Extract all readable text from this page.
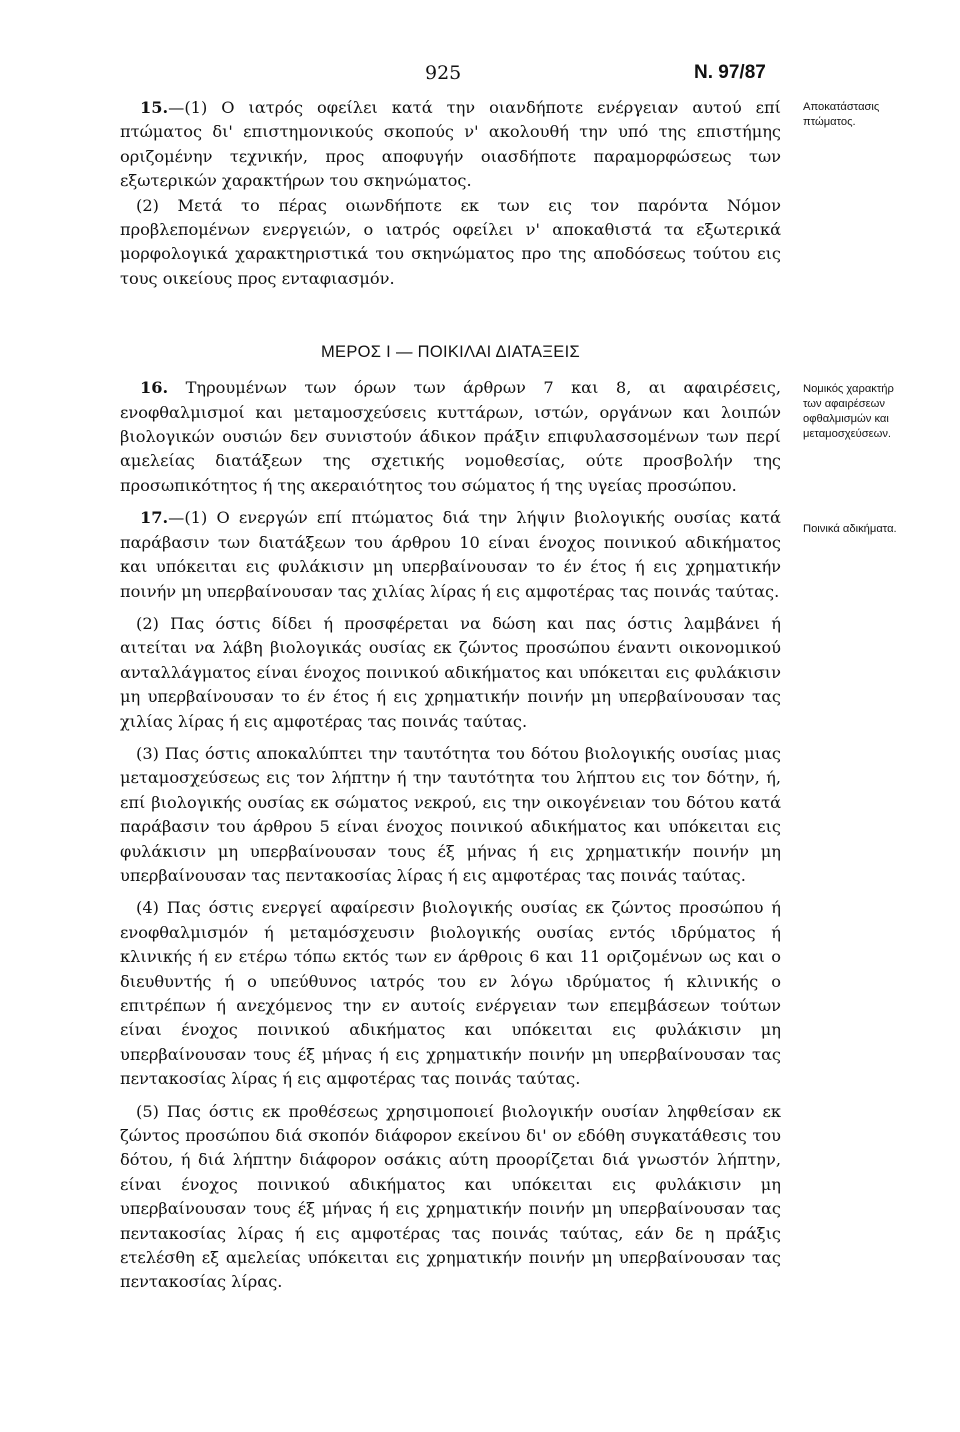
925	Ν. 97/87
Αποκατάστασις πτώματος.
Νομικός χαρακτήρ των αφαιρέσεων οφθαλμισμών και μεταμοσχεύσεων.
Ποινικά αδικήματα.

15.—(1) Ο ιατρός οφείλει κατά την οιανδήποτε ενέργειαν αυτού επί πτώματος δι' επιστημονικούς σκοπούς ν' ακολουθή την υπό της επιστήμης οριζομένην τεχνικήν, προς αποφυγήν οιασδήποτε παραμορφώσεως των εξωτερικών χαρακτήρων του σκηνώματος.

(2) Μετά το πέρας οιωνδήποτε εκ των εις τον παρόντα Νόμον προβλεπομένων ενεργειών, ο ιατρός οφείλει ν' αποκαθιστά τα εξωτερικά μορφολογικά χαρακτηριστικά του σκηνώματος προ της αποδόσεως τούτου εις τους οικείους προς ενταφιασμόν.

ΜΕΡΟΣ Ι — ΠΟΙΚΙΛΑΙ ΔΙΑΤΑΞΕΙΣ

16. Τηρουμένων των όρων των άρθρων 7 και 8, αι αφαιρέσεις, ενοφθαλμισμοί και μεταμοσχεύσεις κυττάρων, ιστών, οργάνων και λοιπών βιολογικών ουσιών δεν συνιστούν άδικον πράξιν επιφυλασσομένων των περί αμελείας διατάξεων της σχετικής νομοθεσίας, ούτε προσβολήν της προσωπικότητος ή της ακεραιότητος του σώματος ή της υγείας προσώπου.

17.—(1) Ο ενεργών επί πτώματος διά την λήψιν βιολογικής ουσίας κατά παράβασιν των διατάξεων του άρθρου 10 είναι ένοχος ποινικού αδικήματος και υπόκειται εις φυλάκισιν μη υπερβαίνουσαν το έν έτος ή εις χρηματικήν ποινήν μη υπερβαίνουσαν τας χιλίας λίρας ή εις αμφοτέρας τας ποινάς ταύτας.

(2) Πας όστις δίδει ή προσφέρεται να δώση και πας όστις λαμβάνει ή αιτείται να λάβη βιολογικάς ουσίας εκ ζώντος προσώπου έναντι οικονομικού ανταλλάγματος είναι ένοχος ποινικού αδικήματος και υπόκειται εις φυλάκισιν μη υπερβαίνουσαν το έν έτος ή εις χρηματικήν ποινήν μη υπερβαίνουσαν τας χιλίας λίρας ή εις αμφοτέρας τας ποινάς ταύτας.

(3) Πας όστις αποκαλύπτει την ταυτότητα του δότου βιολογικής ουσίας μιας μεταμοσχεύσεως εις τον λήπτην ή την ταυτότητα του λήπτου εις τον δότην, ή, επί βιολογικής ουσίας εκ σώματος νεκρού, εις την οικογένειαν του δότου κατά παράβασιν του άρθρου 5 είναι ένοχος ποινικού αδικήματος και υπόκειται εις φυλάκισιν μη υπερβαίνουσαν τους έξ μήνας ή εις χρηματικήν ποινήν μη υπερβαίνουσαν τας πεντακοσίας λίρας ή εις αμφοτέρας τας ποινάς ταύτας.

(4) Πας όστις ενεργεί αφαίρεσιν βιολογικής ουσίας εκ ζώντος προσώπου ή ενοφθαλμισμόν ή μεταμόσχευσιν βιολογικής ουσίας εντός ιδρύματος ή κλινικής ή εν ετέρω τόπω εκτός των εν άρθροις 6 και 11 οριζομένων ως και ο διευθυντής ή ο υπεύθυνος ιατρός του εν λόγω ιδρύματος ή κλινικής ο επιτρέπων ή ανεχόμενος την εν αυτοίς ενέργειαν των επεμβάσεων τούτων είναι ένοχος ποινικού αδικήματος και υπόκειται εις φυλάκισιν μη υπερβαίνουσαν τους έξ μήνας ή εις χρηματικήν ποινήν μη υπερβαίνουσαν τας πεντακοσίας λίρας ή εις αμφοτέρας τας ποινάς ταύτας.

(5) Πας όστις εκ προθέσεως χρησιμοποιεί βιολογικήν ουσίαν ληφθείσαν εκ ζώντος προσώπου διά σκοπόν διάφορον εκείνου δι' ον εδόθη συγκατάθεσις του δότου, ή διά λήπτην διάφορον οσάκις αύτη προορίζεται διά γνωστόν λήπτην, είναι ένοχος ποινικού αδικήματος και υπόκειται εις φυλάκισιν μη υπερβαίνουσαν τους έξ μήνας ή εις χρηματικήν ποινήν μη υπερβαίνουσαν τας πεντακοσίας λίρας ή εις αμφοτέρας τας ποινάς ταύτας, εάν δε η πράξις ετελέσθη εξ αμελείας υπόκειται εις χρηματικήν ποινήν μη υπερβαίνουσαν τας πεντακοσίας λίρας.
